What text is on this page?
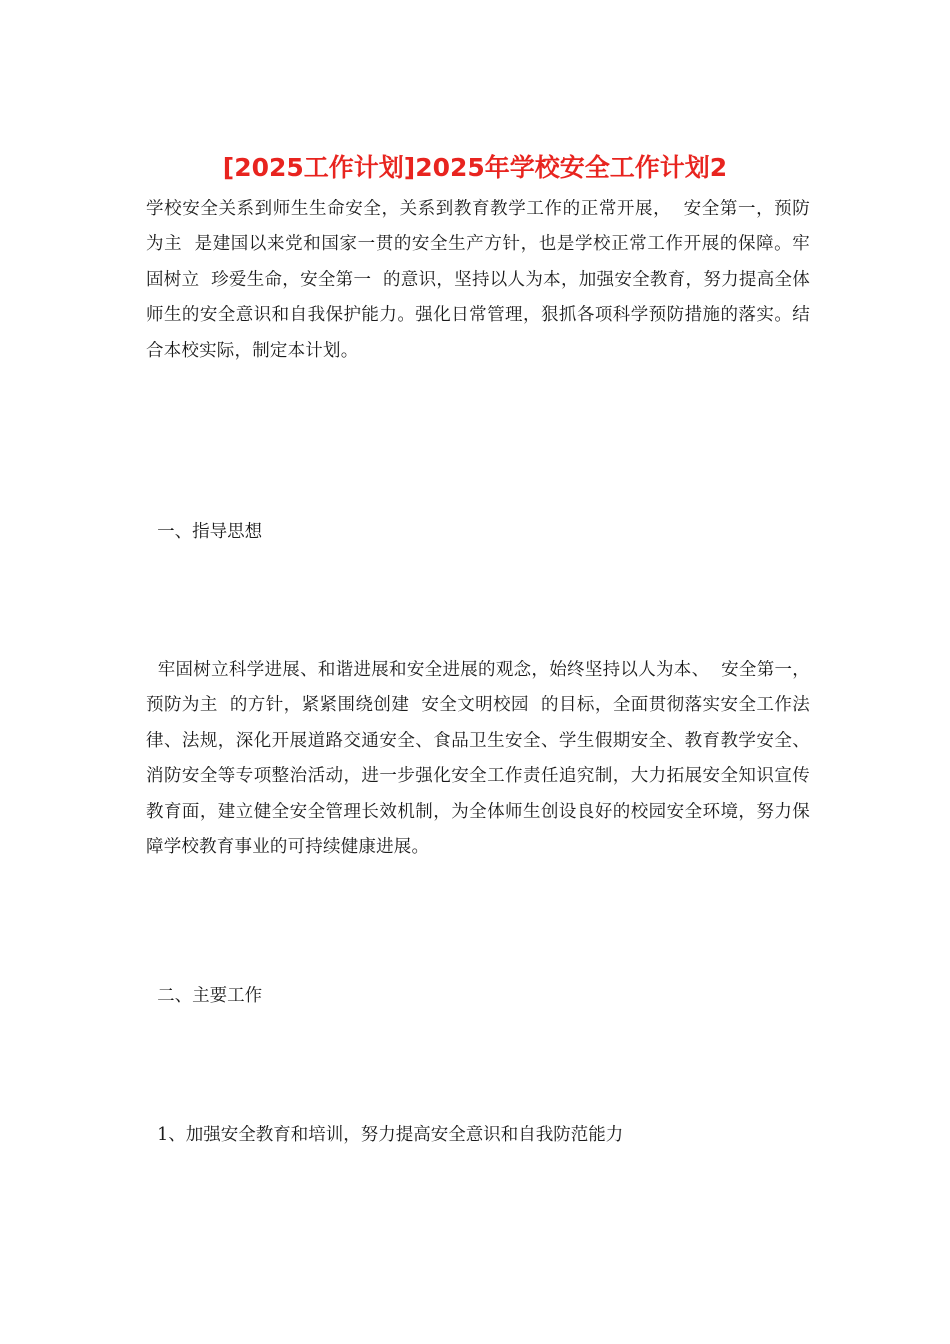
[2025工作计划]2025年学校安全工作计划2

学校安全关系到师生生命安全，关系到教育教学工作的正常开展，  安全第一，预防为主  是建国以来党和国家一贯的安全生产方针，也是学校正常工作开展的保障。牢固树立  珍爱生命，安全第一  的意识，坚持以人为本，加强安全教育，努力提高全体师生的安全意识和自我保护能力。强化日常管理，狠抓各项科学预防措施的落实。结合本校实际，制定本计划。

一、指导思想

牢固树立科学进展、和谐进展和安全进展的观念，始终坚持以人为本、  安全第一，预防为主  的方针，紧紧围绕创建  安全文明校园  的目标，全面贯彻落实安全工作法律、法规，深化开展道路交通安全、食品卫生安全、学生假期安全、教育教学安全、消防安全等专项整治活动，进一步强化安全工作责任追究制，大力拓展安全知识宣传教育面，建立健全安全管理长效机制，为全体师生创设良好的校园安全环境，努力保障学校教育事业的可持续健康进展。

二、主要工作

1、加强安全教育和培训，努力提高安全意识和自我防范能力
